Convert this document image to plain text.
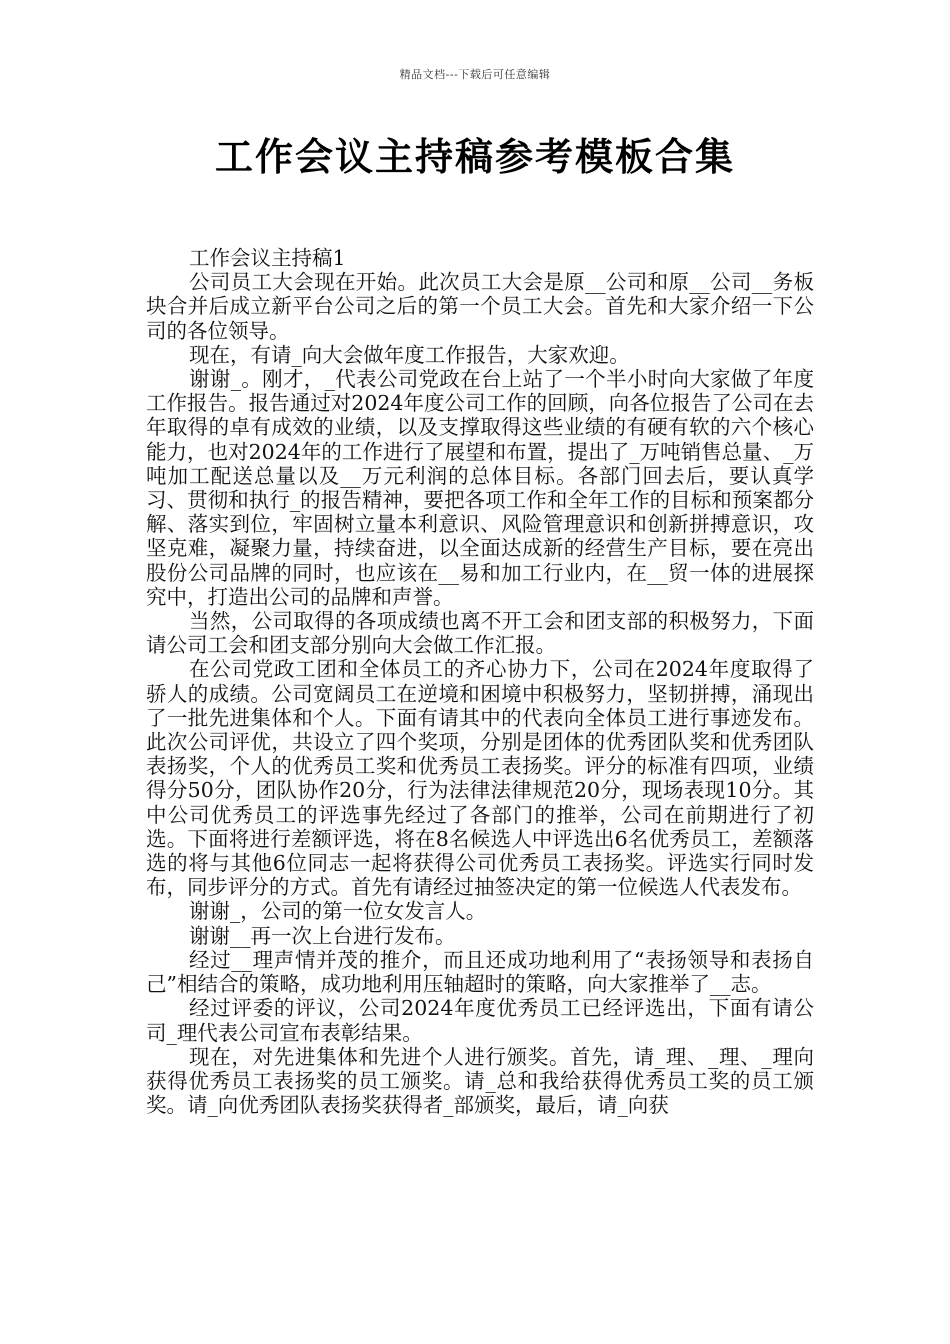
精品文档---下载后可任意编辑
工作会议主持稿参考模板合集

工作会议主持稿1

公司员工大会现在开始。此次员工大会是原__公司和原__公司__务板块合并后成立新平台公司之后的第一个员工大会。首先和大家介绍一下公司的各位领导。

现在，有请_向大会做年度工作报告，大家欢迎。

谢谢_。刚才，_代表公司党政在台上站了一个半小时向大家做了年度工作报告。报告通过对2024年度公司工作的回顾，向各位报告了公司在去年取得的卓有成效的业绩，以及支撑取得这些业绩的有硬有软的六个核心能力，也对2024年的工作进行了展望和布置，提出了_万吨销售总量、_万吨加工配送总量以及__万元利润的总体目标。各部门回去后，要认真学习、贯彻和执行_的报告精神，要把各项工作和全年工作的目标和预案都分解、落实到位，牢固树立量本利意识、风险管理意识和创新拼搏意识，攻坚克难，凝聚力量，持续奋进，以全面达成新的经营生产目标，要在亮出股份公司品牌的同时，也应该在__易和加工行业内，在__贸一体的进展探究中，打造出公司的品牌和声誉。

当然，公司取得的各项成绩也离不开工会和团支部的积极努力，下面请公司工会和团支部分别向大会做工作汇报。

在公司党政工团和全体员工的齐心协力下，公司在2024年度取得了骄人的成绩。公司宽阔员工在逆境和困境中积极努力，坚韧拼搏，涌现出了一批先进集体和个人。下面有请其中的代表向全体员工进行事迹发布。此次公司评优，共设立了四个奖项，分别是团体的优秀团队奖和优秀团队表扬奖，个人的优秀员工奖和优秀员工表扬奖。评分的标准有四项，业绩得分50分，团队协作20分，行为法律法律规范20分，现场表现10分。其中公司优秀员工的评选事先经过了各部门的推举，公司在前期进行了初选。下面将进行差额评选，将在8名候选人中评选出6名优秀员工，差额落选的将与其他6位同志一起将获得公司优秀员工表扬奖。评选实行同时发布，同步评分的方式。首先有请经过抽签决定的第一位候选人代表发布。

谢谢_，公司的第一位女发言人。

谢谢__再一次上台进行发布。

经过__理声情并茂的推介，而且还成功地利用了“表扬领导和表扬自己”相结合的策略，成功地利用压轴超时的策略，向大家推举了__志。

经过评委的评议，公司2024年度优秀员工已经评选出，下面有请公司_理代表公司宣布表彰结果。

现在，对先进集体和先进个人进行颁奖。首先，请_理、_理、_理向获得优秀员工表扬奖的员工颁奖。请_总和我给获得优秀员工奖的员工颁奖。请_向优秀团队表扬奖获得者_部颁奖，最后，请_向获
